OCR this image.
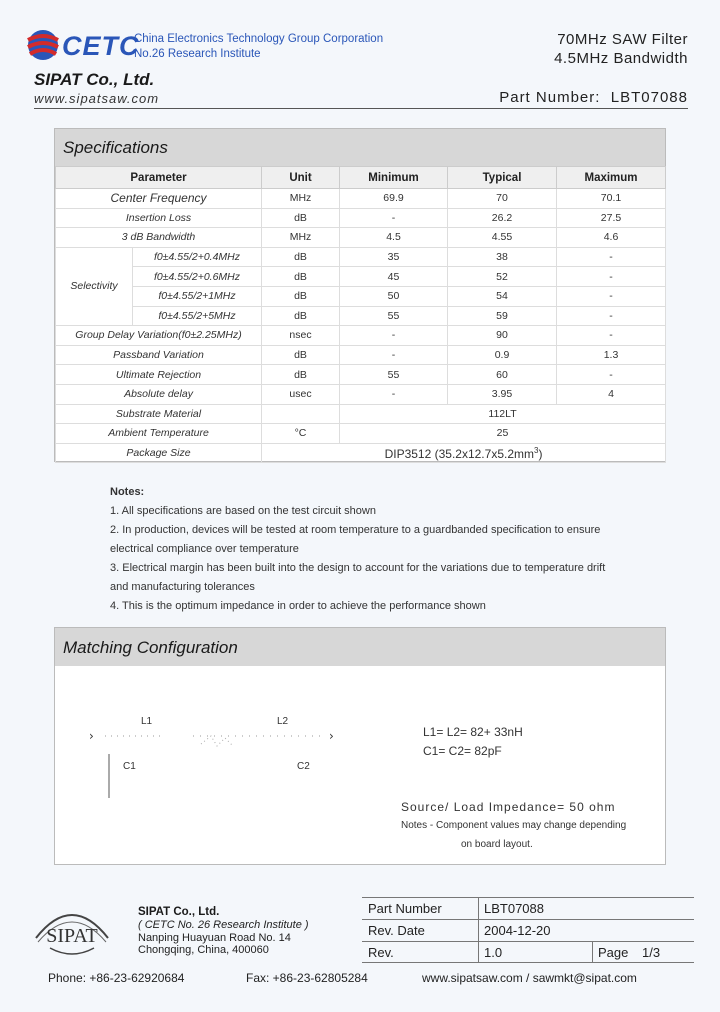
CETC
China Electronics Technology Group Corporation
No.26 Research Institute
SIPAT Co., Ltd.
www.sipatsaw.com
70MHz SAW Filter
4.5MHz Bandwidth
Part Number: LBT07088
Specifications
Parameter		Unit	Minimum	Typical	Maximum
Center Frequency		MHz	69.9	70	70.1
Insertion Loss		dB	-	26.2	27.5
3 dB Bandwidth		MHz	4.5	4.55	4.6
Selectivity	f0±4.55/2+0.4MHz	dB	35	38	-
	f0±4.55/2+0.6MHz	dB	45	52	-
	f0±4.55/2+1MHz	dB	50	54	-
	f0±4.55/2+5MHz	dB	55	59	-
Group Delay Variation(f0±2.25MHz)		nsec	-	90	-
Passband Variation		dB	-	0.9	1.3
Ultimate Rejection		dB	55	60	-
Absolute delay		usec	-	3.95	4
Substrate Material			112LT		
Ambient Temperature		°C	25		
Package Size		DIP3512 $(35.2x12.7x5.2mm^3)$			
Notes:
1. All specifications are based on the test circuit shown
2. In production, devices will be tested at room temperature to a guardbanded specification to ensure
electrical compliance over temperature
3. Electrical margin has been built into the design to account for the variations due to temperature drift
and manufacturing tolerances
4. This is the optimum impedance in order to achieve the performance shown
Matching Configuration
›	›
L1	L2
C1	C2
L1= L2= 82+ 33nH
C1= C2= 82pF
Source/ Load Impedance= 50 ohm
Notes - Component values may change depending
on board layout.
SIPAT
SIPAT Co., Ltd.
( CETC No. 26 Research Institute )
Nanping Huayuan Road No. 14
Chongqing, China, 400060
Part Number	LBT07088
Rev. Date	2004-12-20
Rev.	1.0	Page 1/3
Phone: +86-23-62920684	Fax: +86-23-62805284	www.sipatsaw.com / sawmkt@sipat.com
